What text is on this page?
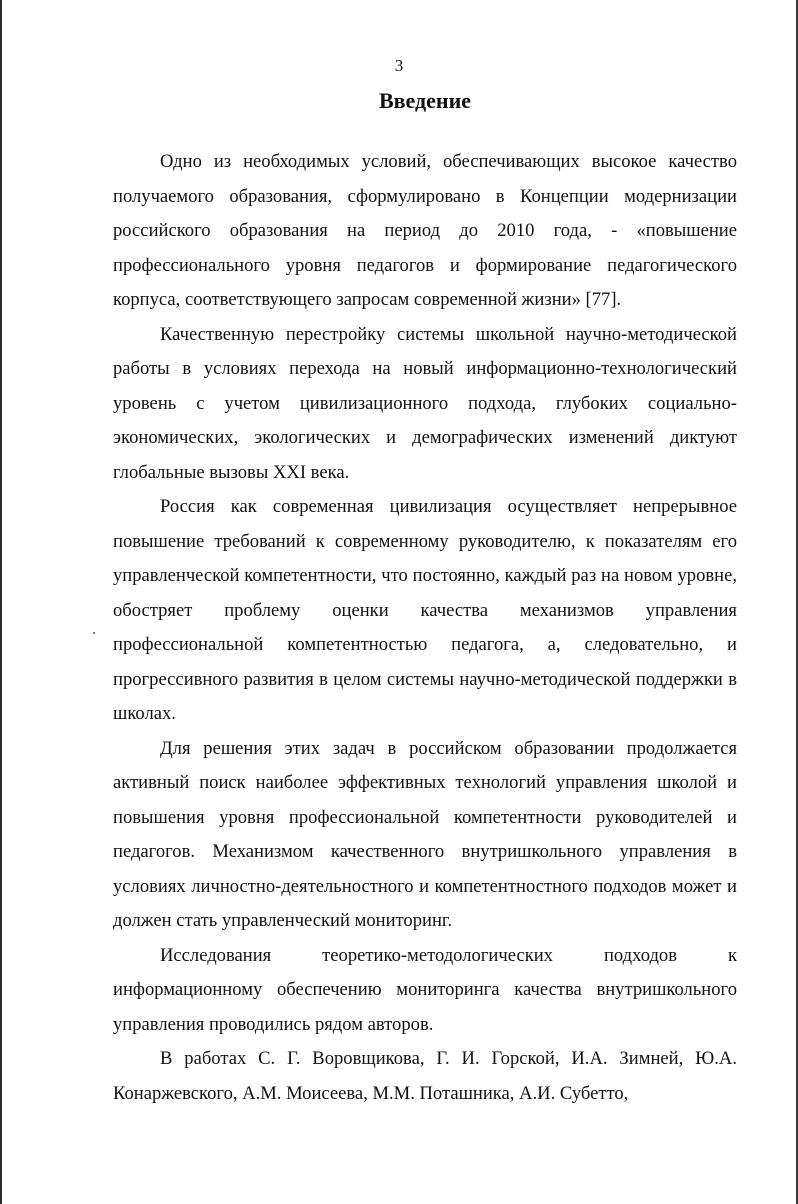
3
Введение

Одно из необходимых условий, обеспечивающих высокое качество получаемого образования, сформулировано в Концепции модернизации российского образования на период до 2010 года, - «повышение профессионального уровня педагогов и формирование педагогического корпуса, соответствующего запросам современной жизни» [77].

Качественную перестройку системы школьной научно-методической работы в условиях перехода на новый информационно-технологический уровень с учетом цивилизационного подхода, глубоких социально-экономических, экологических и демографических изменений диктуют глобальные вызовы XXI века.

Россия как современная цивилизация осуществляет непрерывное повышение требований к современному руководителю, к показателям его управленческой компетентности, что постоянно, каждый раз на новом уровне, обостряет проблему оценки качества механизмов управления профессиональной компетентностью педагога, а, следовательно, и прогрессивного развития в целом системы научно-методической поддержки в школах.

Для решения этих задач в российском образовании продолжается активный поиск наиболее эффективных технологий управления школой и повышения уровня профессиональной компетентности руководителей и педагогов. Механизмом качественного внутришкольного управления в условиях личностно-деятельностного и компетентностного подходов может и должен стать управленческий мониторинг.

Исследования теоретико-методологических подходов к информационному обеспечению мониторинга качества внутришкольного управления проводились рядом авторов.

В работах С. Г. Воровщикова, Г. И. Горской, И.А. Зимней, Ю.А. Конаржевского, А.М. Моисеева, М.М. Поташника, А.И. Субетто,
